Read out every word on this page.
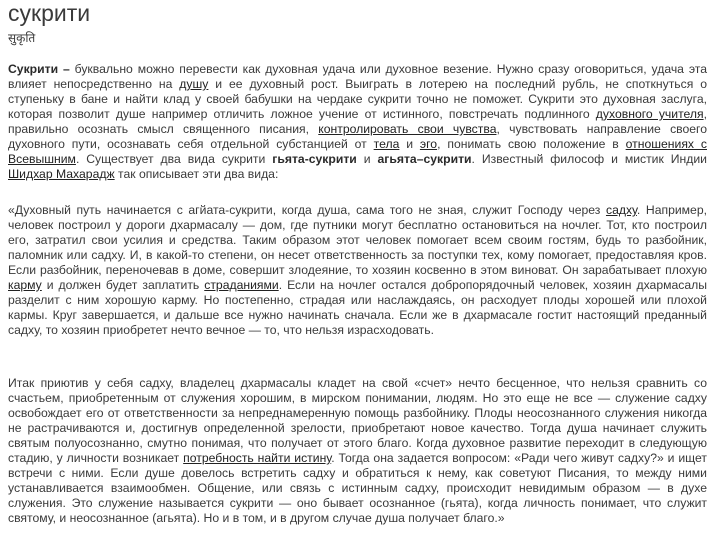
сукрити
सुकृति

Сукрити – буквально можно перевести как духовная удача или духовное везение. Нужно сразу оговориться, удача эта влияет непосредственно на душу и ее духовный рост. Выиграть в лотерею на последний рубль, не споткнуться о ступеньку в бане и найти клад у своей бабушки на чердаке сукрити точно не поможет. Сукрити это духовная заслуга, которая позволит душе например отличить ложное учение от истинного, повстречать подлинного духовного учителя, правильно осознать смысл священного писания, контролировать свои чувства, чувствовать направление своего духовного пути, осознавать себя отдельной субстанцией от тела и эго, понимать свою положение в отношениях с Всевышним. Существует два вида сукрити гьята-сукрити и агьята–сукрити. Известный философ и мистик Индии Шидхар Махарадж так описывает эти два вида:

«Духовный путь начинается с агйата-сукрити, когда душа, сама того не зная, служит Господу через садху. Например, человек построил у дороги дхармасалу — дом, где путники могут бесплатно остановиться на ночлег. Тот, кто построил его, затратил свои усилия и средства. Таким образом этот человек помогает всем своим гостям, будь то разбойник, паломник или садху. И, в какой-то степени, он несет ответственность за поступки тех, кому помогает, предоставляя кров. Если разбойник, переночевав в доме, совершит злодеяние, то хозяин косвенно в этом виноват. Он зарабатывает плохую карму и должен будет заплатить страданиями. Если на ночлег остался добропорядочный человек, хозяин дхармасалы разделит с ним хорошую карму. Но постепенно, страдая или наслаждаясь, он расходует плоды хорошей или плохой кармы. Круг завершается, и дальше все нужно начинать сначала. Если же в дхармасале гостит настоящий преданный садху, то хозяин приобретет нечто вечное — то, что нельзя израсходовать.

Итак приютив у себя садху, владелец дхармасалы кладет на свой «счет» нечто бесценное, что нельзя сравнить со счастьем, приобретенным от служения хорошим, в мирском понимании, людям. Но это еще не все — служение садху освобождает его от ответственности за непреднамеренную помощь разбойнику. Плоды неосознанного служения никогда не растрачиваются и, достигнув определенной зрелости, приобретают новое качество. Тогда душа начинает служить святым полуосознанно, смутно понимая, что получает от этого благо. Когда духовное развитие переходит в следующую стадию, у личности возникает потребность найти истину. Тогда она задается вопросом: «Ради чего живут садху?» и ищет встречи с ними. Если душе довелось встретить садху и обратиться к нему, как советуют Писания, то между ними устанавливается взаимообмен. Общение, или связь с истинным садху, происходит невидимым образом — в духе служения. Это служение называется сукрити — оно бывает осознанное (гьята), когда личность понимает, что служит святому, и неосознанное (агьята). Но и в том, и в другом случае душа получает благо.»
